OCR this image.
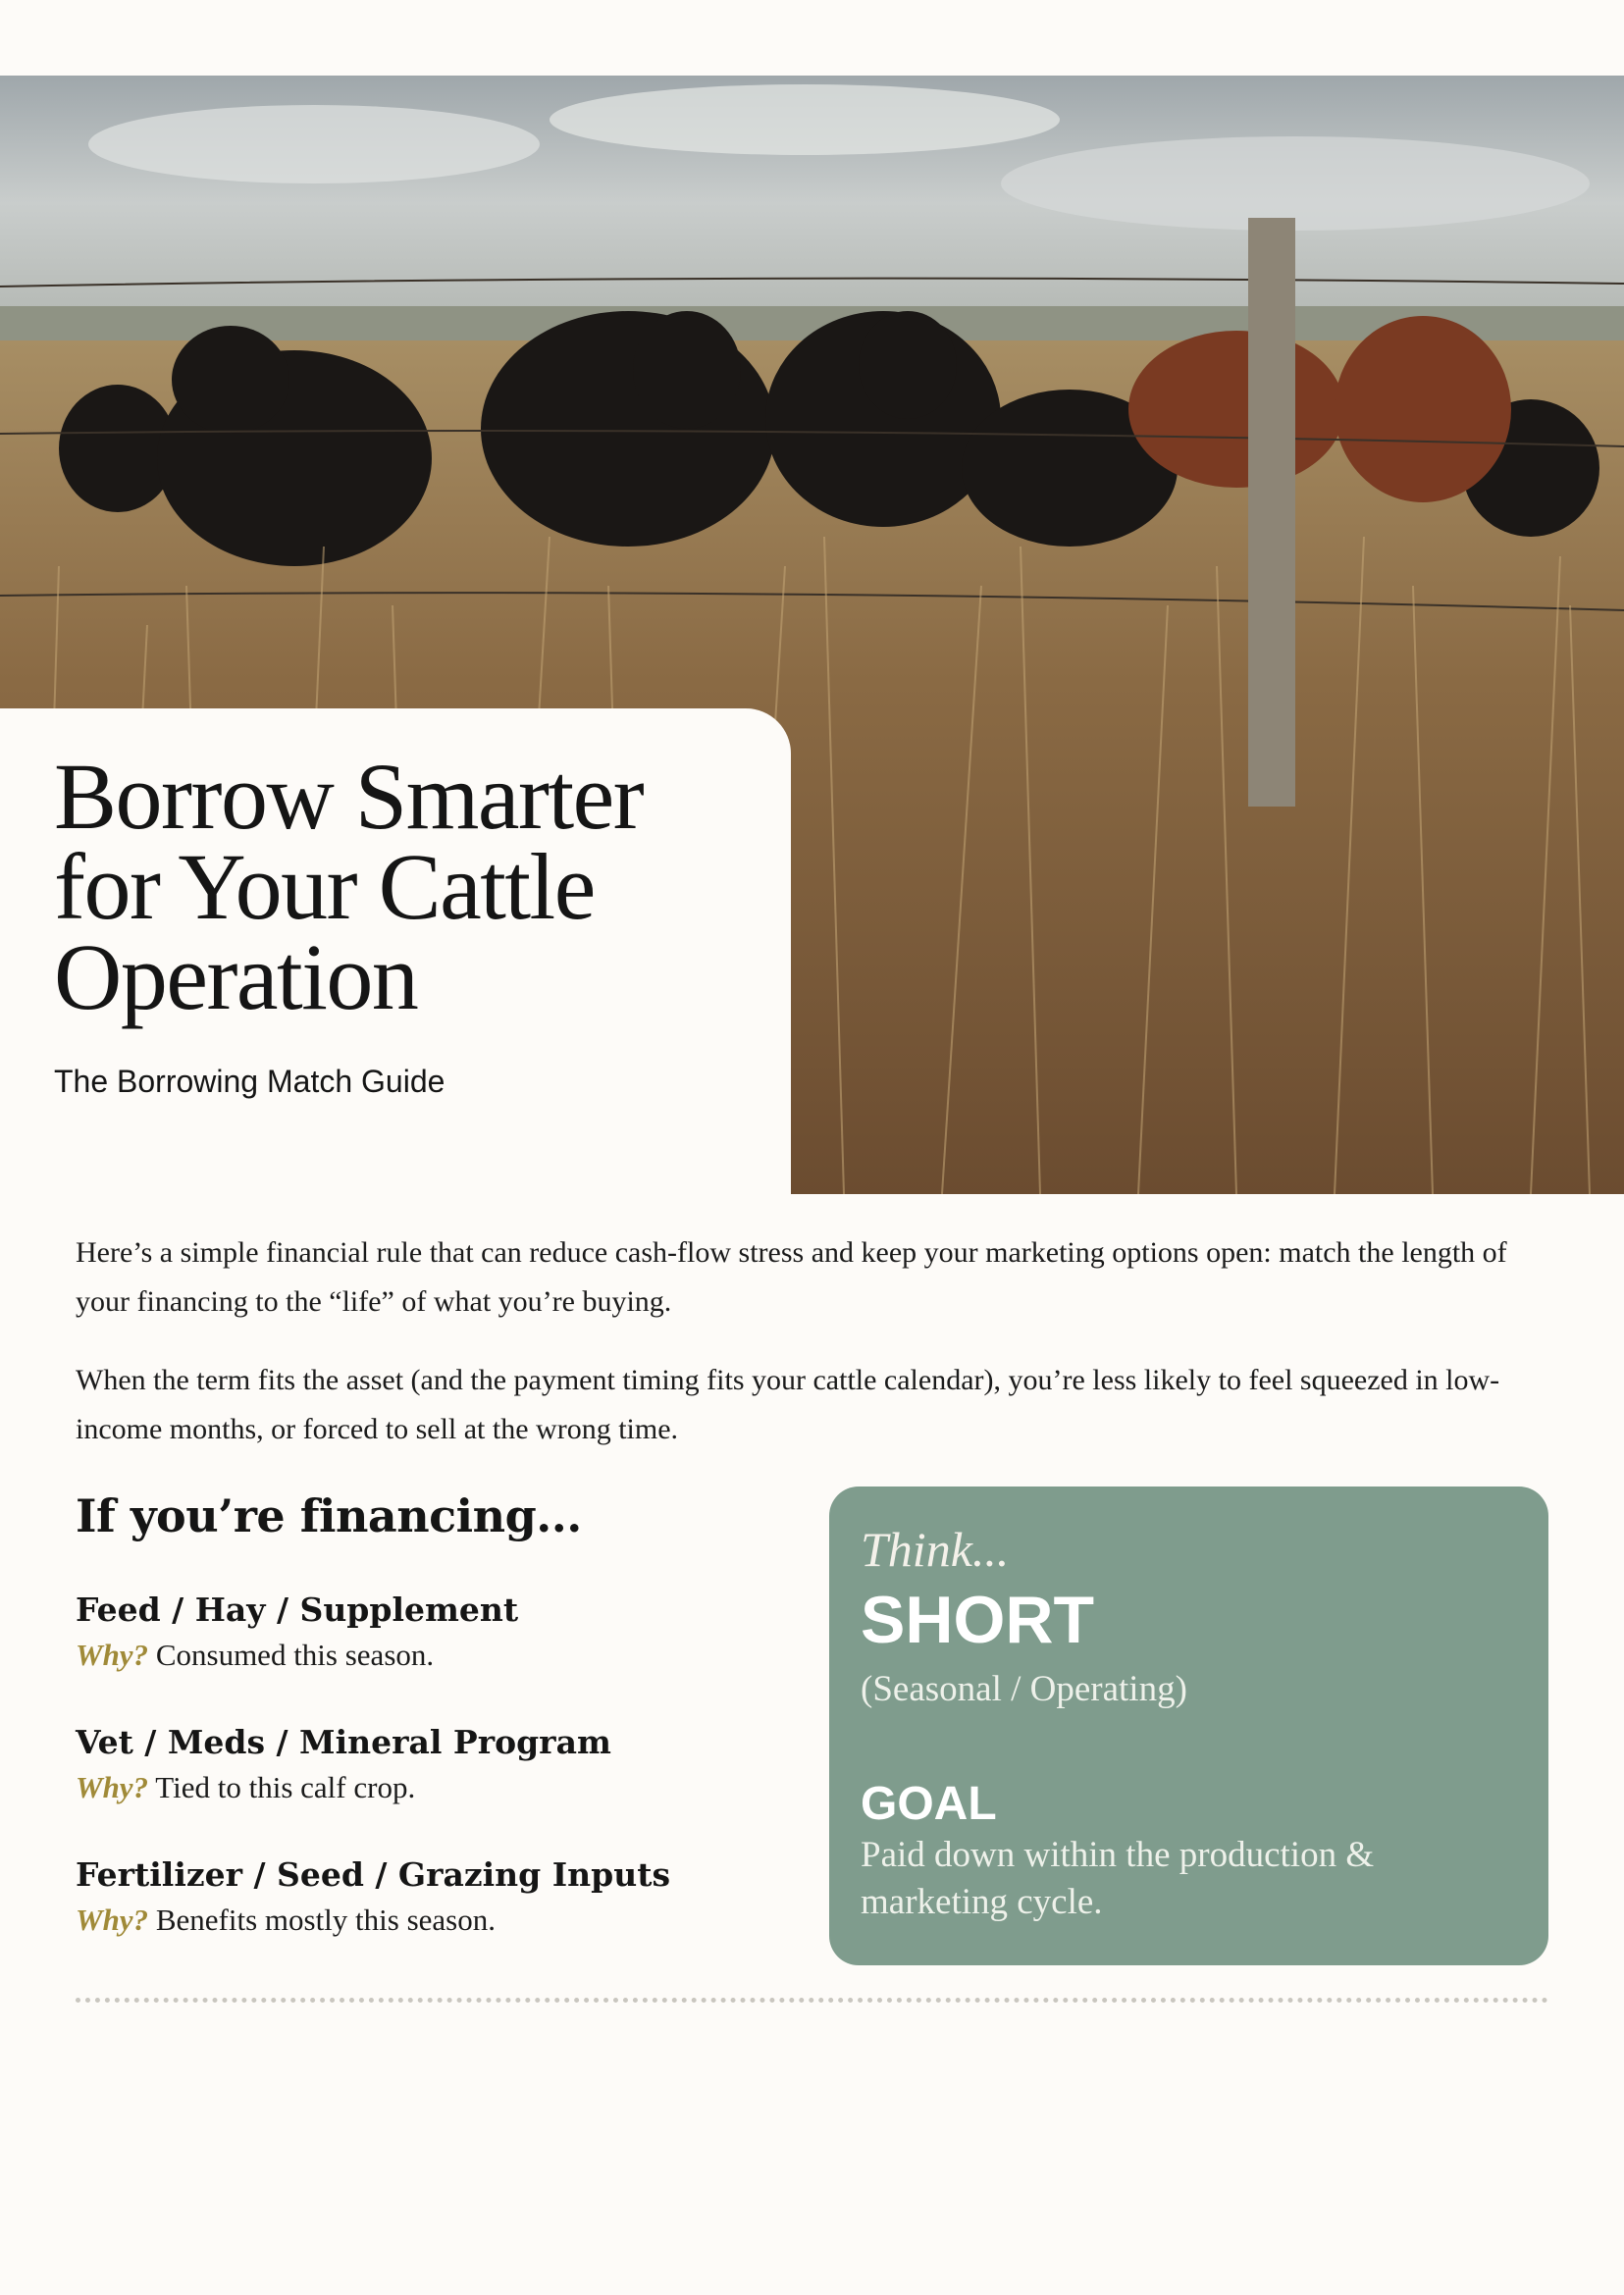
Borrow Smarter for Your Cattle Operation
The Borrowing Match Guide

Here’s a simple financial rule that can reduce cash-flow stress and keep your marketing options open: match the length of your financing to the “life” of what you’re buying.

When the term fits the asset (and the payment timing fits your cattle calendar), you’re less likely to feel squeezed in low-income months, or forced to sell at the wrong time.

If you’re financing...
Feed / Hay / Supplement
Why? Consumed this season.
Vet / Meds / Mineral Program
Why? Tied to this calf crop.
Fertilizer / Seed / Grazing Inputs
Why? Benefits mostly this season.
Think...
SHORT
(Seasonal / Operating)
GOAL
Paid down within the production & marketing cycle.
